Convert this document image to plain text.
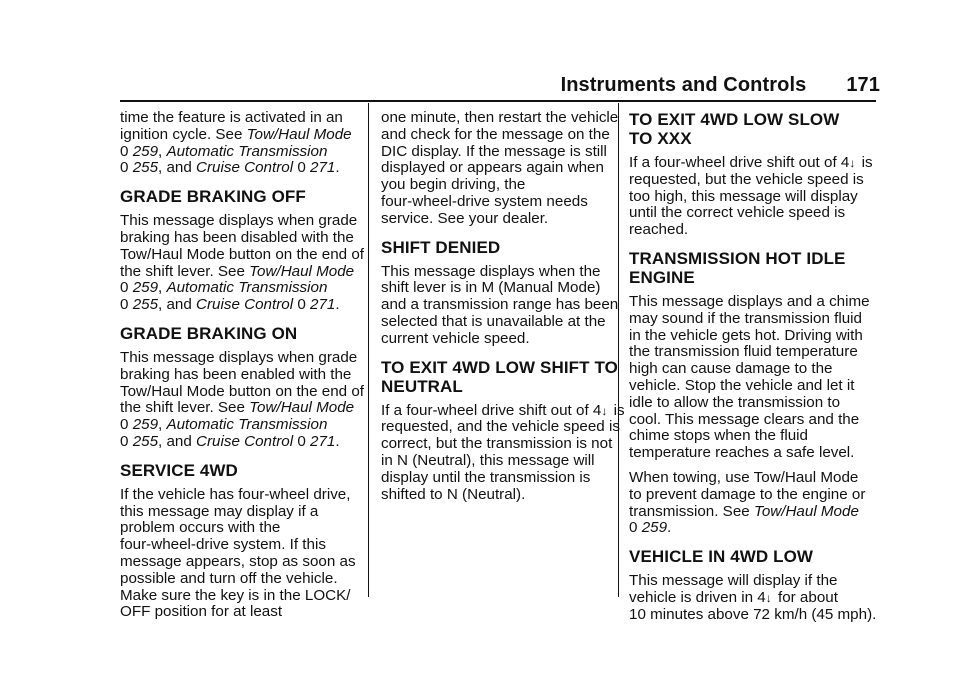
Instruments and Controls 171

time the feature is activated in an
ignition cycle. See Tow/Haul Mode
0 259, Automatic Transmission
0 255, and Cruise Control 0 271.

GRADE BRAKING OFF

This message displays when grade
braking has been disabled with the
Tow/Haul Mode button on the end of
the shift lever. See Tow/Haul Mode
0 259, Automatic Transmission
0 255, and Cruise Control 0 271.

GRADE BRAKING ON

This message displays when grade
braking has been enabled with the
Tow/Haul Mode button on the end of
the shift lever. See Tow/Haul Mode
0 259, Automatic Transmission
0 255, and Cruise Control 0 271.

SERVICE 4WD

If the vehicle has four-wheel drive,
this message may display if a
problem occurs with the
four-wheel-drive system. If this
message appears, stop as soon as
possible and turn off the vehicle.
Make sure the key is in the LOCK/
OFF position for at least

one minute, then restart the vehicle
and check for the message on the
DIC display. If the message is still
displayed or appears again when
you begin driving, the
four-wheel-drive system needs
service. See your dealer.

SHIFT DENIED

This message displays when the
shift lever is in M (Manual Mode)
and a transmission range has been
selected that is unavailable at the
current vehicle speed.

TO EXIT 4WD LOW SHIFT TO
NEUTRAL

If a four-wheel drive shift out of 4↓ is
requested, and the vehicle speed is
correct, but the transmission is not
in N (Neutral), this message will
display until the transmission is
shifted to N (Neutral).

TO EXIT 4WD LOW SLOW
TO XXX

If a four-wheel drive shift out of 4↓ is
requested, but the vehicle speed is
too high, this message will display
until the correct vehicle speed is
reached.

TRANSMISSION HOT IDLE
ENGINE

This message displays and a chime
may sound if the transmission fluid
in the vehicle gets hot. Driving with
the transmission fluid temperature
high can cause damage to the
vehicle. Stop the vehicle and let it
idle to allow the transmission to
cool. This message clears and the
chime stops when the fluid
temperature reaches a safe level.

When towing, use Tow/Haul Mode
to prevent damage to the engine or
transmission. See Tow/Haul Mode
0 259.

VEHICLE IN 4WD LOW

This message will display if the
vehicle is driven in 4↓ for about
10 minutes above 72 km/h (45 mph).
